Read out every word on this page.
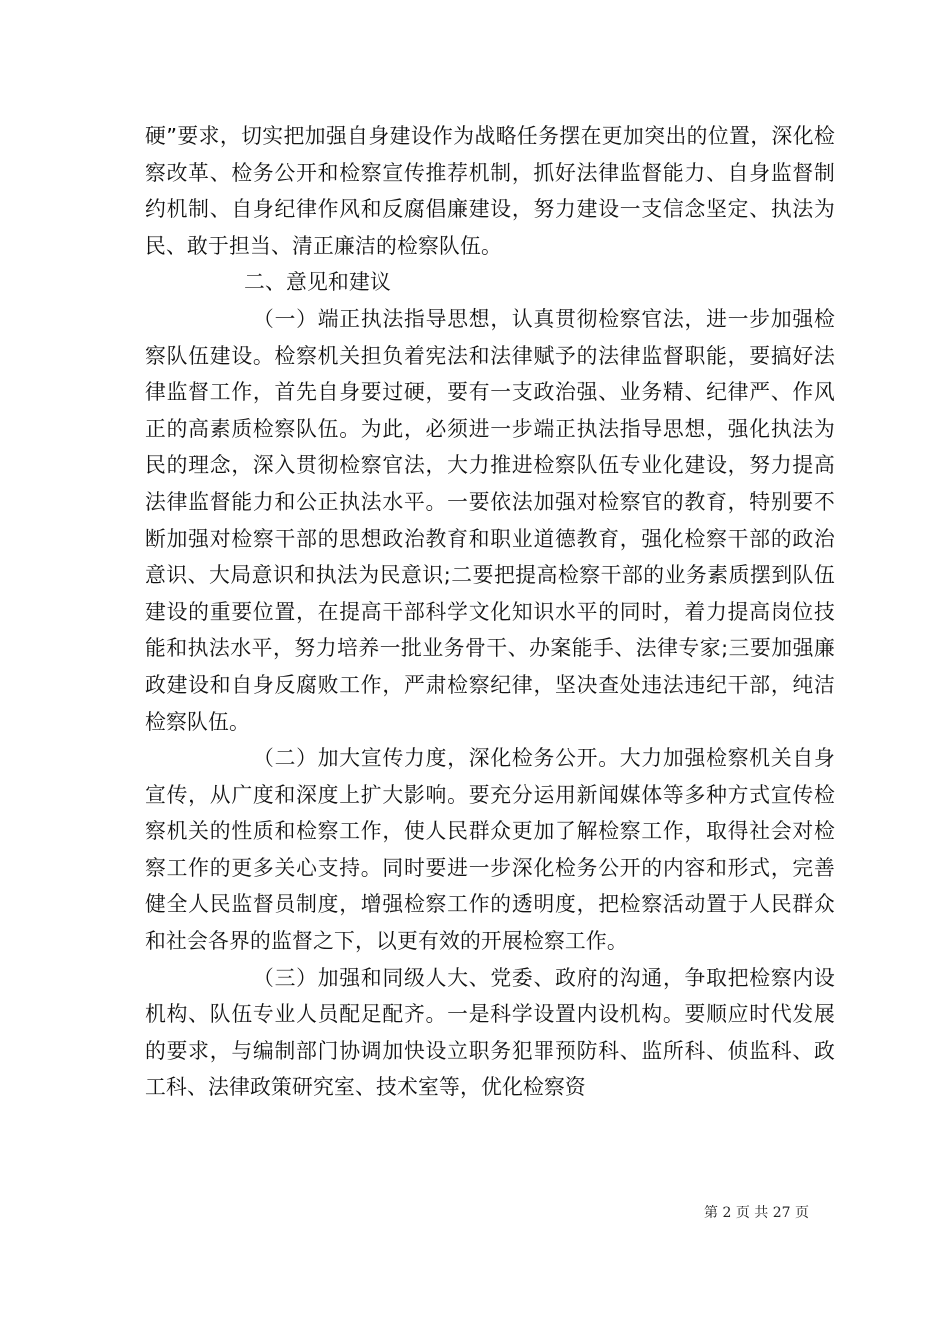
硬”要求，切实把加强自身建设作为战略任务摆在更加突出的位置，深化检察改革、检务公开和检察宣传推荐机制，抓好法律监督能力、自身监督制约机制、自身纪律作风和反腐倡廉建设，努力建设一支信念坚定、执法为民、敢于担当、清正廉洁的检察队伍。

二、意见和建议

（一）端正执法指导思想，认真贯彻检察官法，进一步加强检察队伍建设。检察机关担负着宪法和法律赋予的法律监督职能，要搞好法律监督工作，首先自身要过硬，要有一支政治强、业务精、纪律严、作风正的高素质检察队伍。为此，必须进一步端正执法指导思想，强化执法为民的理念，深入贯彻检察官法，大力推进检察队伍专业化建设，努力提高法律监督能力和公正执法水平。一要依法加强对检察官的教育，特别要不断加强对检察干部的思想政治教育和职业道德教育，强化检察干部的政治意识、大局意识和执法为民意识;二要把提高检察干部的业务素质摆到队伍建设的重要位置，在提高干部科学文化知识水平的同时，着力提高岗位技能和执法水平，努力培养一批业务骨干、办案能手、法律专家;三要加强廉政建设和自身反腐败工作，严肃检察纪律，坚决查处违法违纪干部，纯洁检察队伍。

（二）加大宣传力度，深化检务公开。大力加强检察机关自身宣传，从广度和深度上扩大影响。要充分运用新闻媒体等多种方式宣传检察机关的性质和检察工作，使人民群众更加了解检察工作，取得社会对检察工作的更多关心支持。同时要进一步深化检务公开的内容和形式，完善健全人民监督员制度，增强检察工作的透明度，把检察活动置于人民群众和社会各界的监督之下，以更有效的开展检察工作。

（三）加强和同级人大、党委、政府的沟通，争取把检察内设机构、队伍专业人员配足配齐。一是科学设置内设机构。要顺应时代发展的要求，与编制部门协调加快设立职务犯罪预防科、监所科、侦监科、政工科、法律政策研究室、技术室等，优化检察资

第 2 页 共 27 页
